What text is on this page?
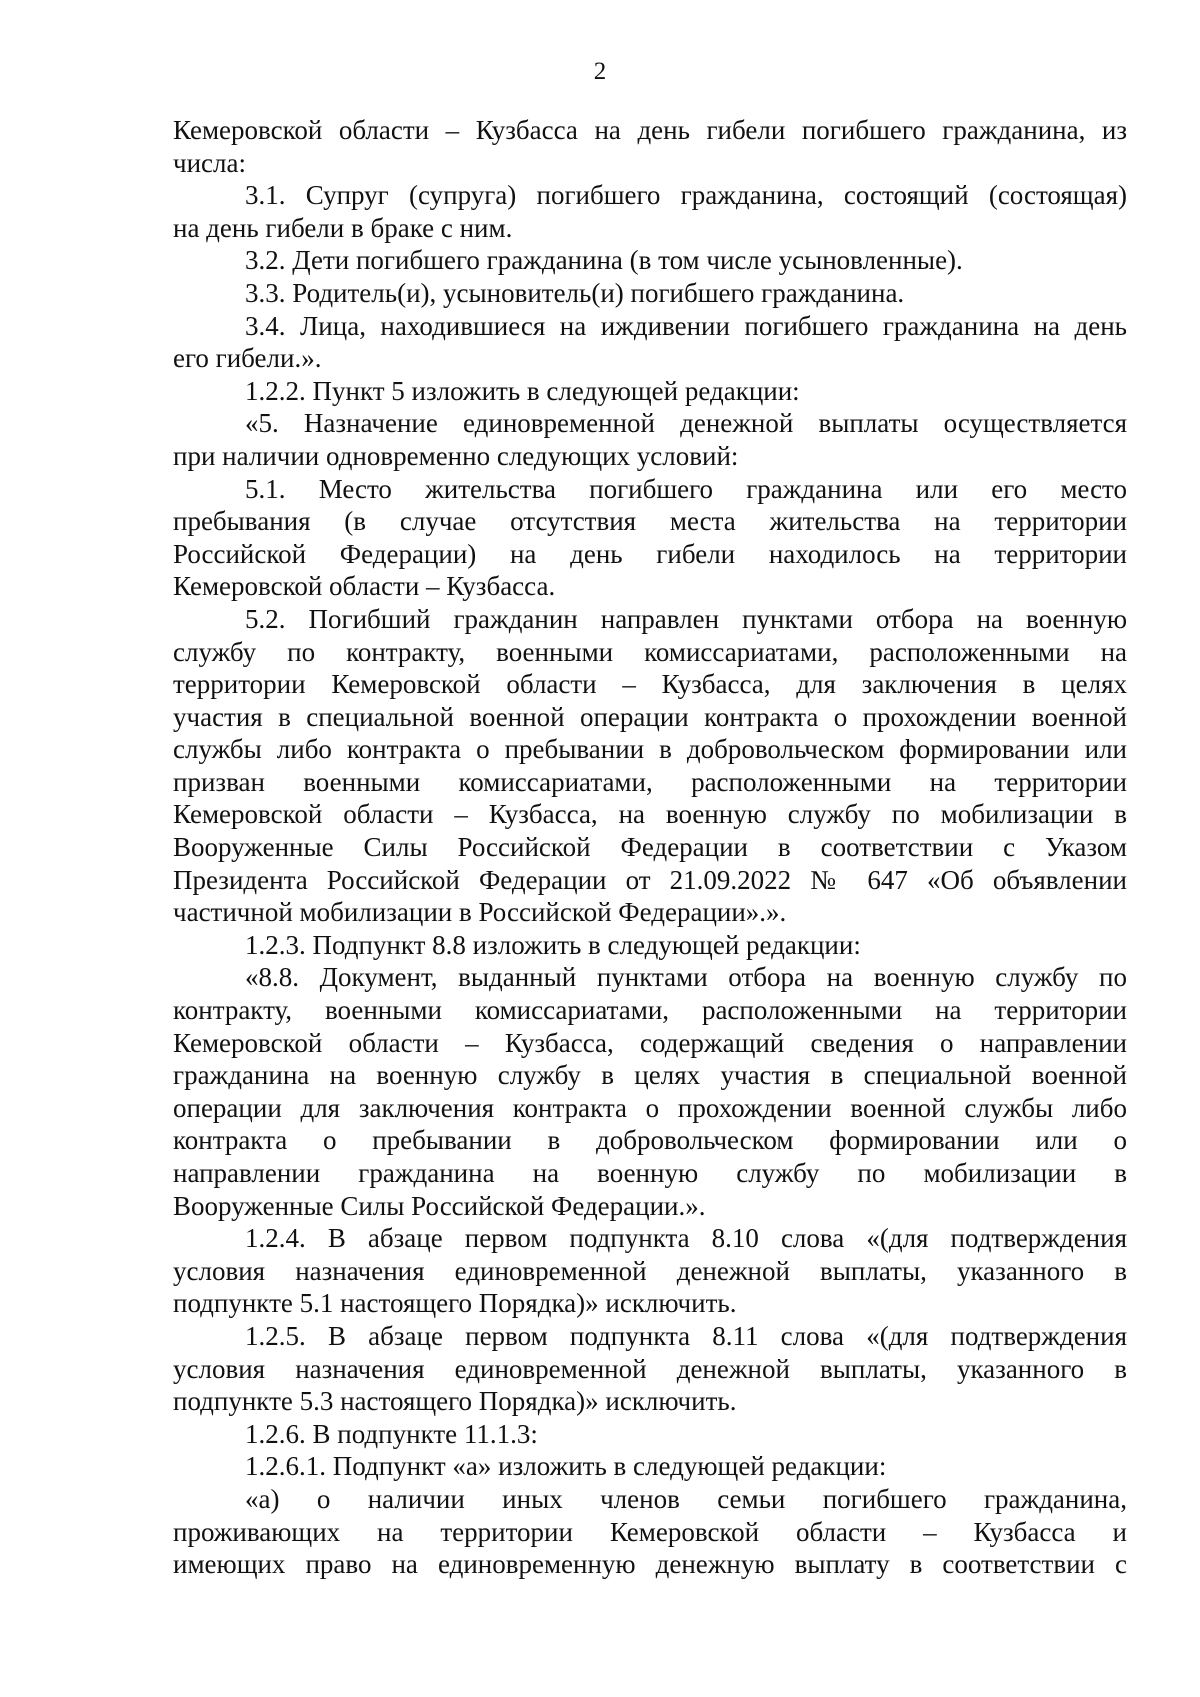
2
Кемеровской области – Кузбасса на день гибели погибшего гражданина, из
числа:
3.1. Супруг (супруга) погибшего гражданина, состоящий (состоящая)
на день гибели в браке с ним.
3.2. Дети погибшего гражданина (в том числе усыновленные).
3.3. Родитель(и), усыновитель(и) погибшего гражданина.
3.4. Лица, находившиеся на иждивении погибшего гражданина на день
его гибели.».
1.2.2. Пункт 5 изложить в следующей редакции:
«5. Назначение единовременной денежной выплаты осуществляется
при наличии одновременно следующих условий:
5.1. Место жительства погибшего гражданина или его место
пребывания (в случае отсутствия места жительства на территории
Российской Федерации) на день гибели находилось на территории
Кемеровской области – Кузбасса.
5.2. Погибший гражданин направлен пунктами отбора на военную
службу по контракту, военными комиссариатами, расположенными на
территории Кемеровской области – Кузбасса, для заключения в целях
участия в специальной военной операции контракта о прохождении военной
службы либо контракта о пребывании в добровольческом формировании или
призван военными комиссариатами, расположенными на территории
Кемеровской области – Кузбасса, на военную службу по мобилизации в
Вооруженные Силы Российской Федерации в соответствии с Указом
Президента Российской Федерации от 21.09.2022 № 647 «Об объявлении
частичной мобилизации в Российской Федерации».».
1.2.3. Подпункт 8.8 изложить в следующей редакции:
«8.8. Документ, выданный пунктами отбора на военную службу по
контракту, военными комиссариатами, расположенными на территории
Кемеровской области – Кузбасса, содержащий сведения о направлении
гражданина на военную службу в целях участия в специальной военной
операции для заключения контракта о прохождении военной службы либо
контракта о пребывании в добровольческом формировании или о
направлении гражданина на военную службу по мобилизации в
Вооруженные Силы Российской Федерации.».
1.2.4. В абзаце первом подпункта 8.10 слова «(для подтверждения
условия назначения единовременной денежной выплаты, указанного в
подпункте 5.1 настоящего Порядка)» исключить.
1.2.5. В абзаце первом подпункта 8.11 слова «(для подтверждения
условия назначения единовременной денежной выплаты, указанного в
подпункте 5.3 настоящего Порядка)» исключить.
1.2.6. В подпункте 11.1.3:
1.2.6.1. Подпункт «а» изложить в следующей редакции:
«а) о наличии иных членов семьи погибшего гражданина,
проживающих на территории Кемеровской области – Кузбасса и
имеющих право на единовременную денежную выплату в соответствии с
